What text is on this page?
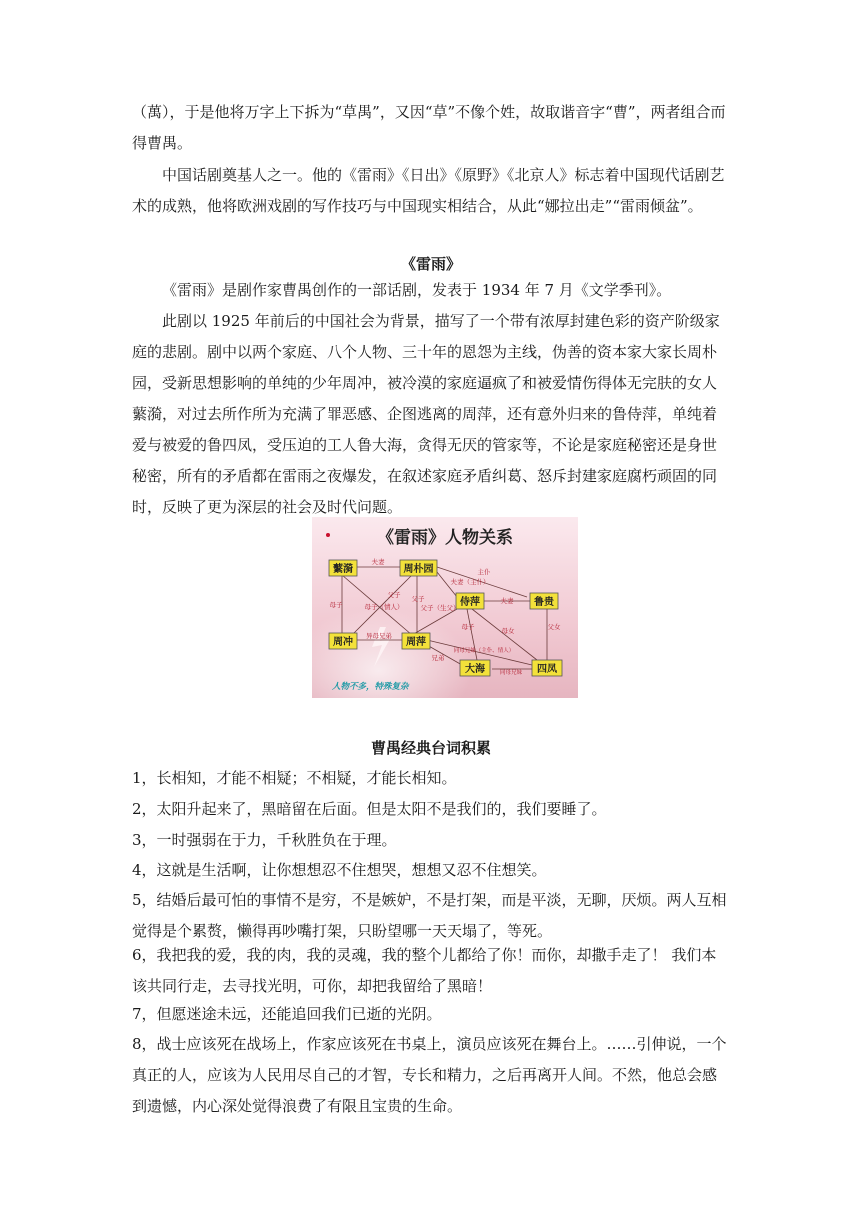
（萬），于是他将万字上下拆为“草禺”，又因“草”不像个姓，故取谐音字“曹”，两者组合而得曹禺。

中国话剧奠基人之一。他的《雷雨》《日出》《原野》《北京人》标志着中国现代话剧艺术的成熟，他将欧洲戏剧的写作技巧与中国现实相结合，从此“娜拉出走”“雷雨倾盆”。

《雷雨》

《雷雨》是剧作家曹禺创作的一部话剧，发表于 1934 年 7 月《文学季刊》。

此剧以 1925 年前后的中国社会为背景，描写了一个带有浓厚封建色彩的资产阶级家庭的悲剧。剧中以两个家庭、八个人物、三十年的恩怨为主线，伪善的资本家大家长周朴园，受新思想影响的单纯的少年周冲，被冷漠的家庭逼疯了和被爱情伤得体无完肤的女人蘩漪，对过去所作所为充满了罪恶感、企图逃离的周萍，还有意外归来的鲁侍萍，单纯着爱与被爱的鲁四凤，受压迫的工人鲁大海，贪得无厌的管家等，不论是家庭秘密还是身世秘密，所有的矛盾都在雷雨之夜爆发，在叙述家庭矛盾纠葛、怒斥封建家庭腐朽顽固的同时，反映了更为深层的社会及时代问题。

《雷雨》人物关系
蘩漪	周朴园
侍萍	鲁贵
周冲	周萍
大海	四凤
夫妻
主仆
夫妻（主仆）
夫妻
母子	母子（情人）
父子 父子
父子（生父）
母子	母女	父女
异母兄弟
兄弟
同母兄妹（主仆、情人）
同母兄妹
人物不多，特殊复杂

曹禺经典台词积累

1，长相知，才能不相疑；不相疑，才能长相知。

2，太阳升起来了，黑暗留在后面。但是太阳不是我们的，我们要睡了。

3，一时强弱在于力，千秋胜负在于理。

4，这就是生活啊，让你想想忍不住想哭，想想又忍不住想笑。

5，结婚后最可怕的事情不是穷，不是嫉妒，不是打架，而是平淡，无聊，厌烦。两人互相觉得是个累赘，懒得再吵嘴打架，只盼望哪一天天塌了，等死。

6，我把我的爱，我的肉，我的灵魂，我的整个儿都给了你！而你，却撒手走了！ 我们本该共同行走，去寻找光明，可你，却把我留给了黑暗！

7，但愿迷途未远，还能追回我们已逝的光阴。

8，战士应该死在战场上，作家应该死在书桌上，演员应该死在舞台上。……引伸说，一个真正的人，应该为人民用尽自己的才智，专长和精力，之后再离开人间。不然，他总会感到遗憾，内心深处觉得浪费了有限且宝贵的生命。
